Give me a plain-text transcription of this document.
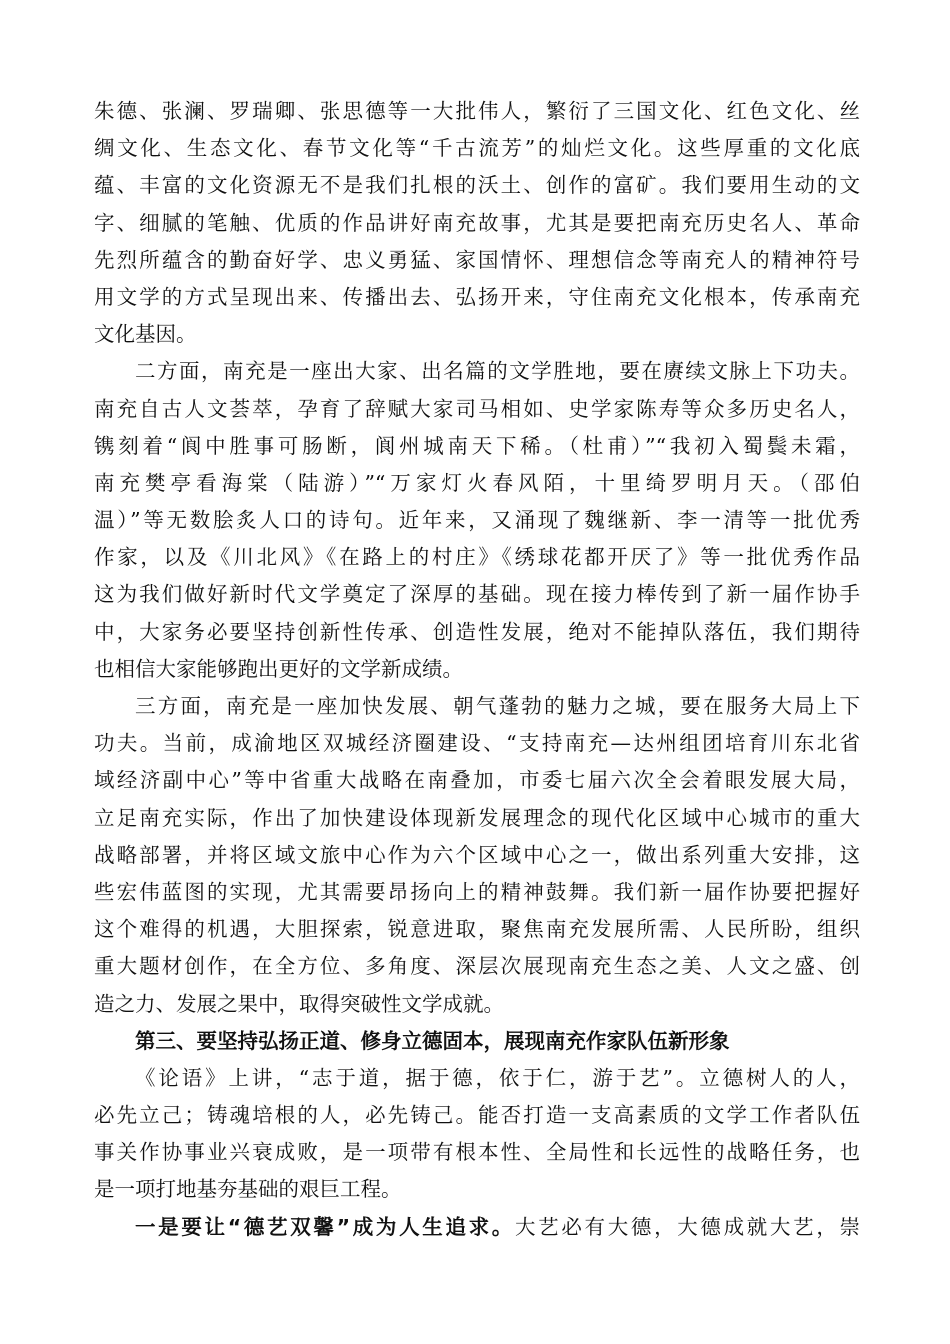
朱德、张澜、罗瑞卿、张思德等一大批伟人，繁衍了三国文化、红色文化、丝
绸文化、生态文化、春节文化等“千古流芳”的灿烂文化。这些厚重的文化底
蕴、丰富的文化资源无不是我们扎根的沃土、创作的富矿。我们要用生动的文
字、细腻的笔触、优质的作品讲好南充故事，尤其是要把南充历史名人、革命
先烈所蕴含的勤奋好学、忠义勇猛、家国情怀、理想信念等南充人的精神符号
用文学的方式呈现出来、传播出去、弘扬开来，守住南充文化根本，传承南充
文化基因。
二方面，南充是一座出大家、出名篇的文学胜地，要在赓续文脉上下功夫。
南充自古人文荟萃，孕育了辞赋大家司马相如、史学家陈寿等众多历史名人，
镌刻着“阆中胜事可肠断，阆州城南天下稀。（杜甫）”“我初入蜀鬓未霜，
南充樊亭看海棠（陆游）”“万家灯火春风陌，十里绮罗明月天。（邵伯
温）”等无数脍炙人口的诗句。近年来，又涌现了魏继新、李一清等一批优秀
作家，以及《川北风》《在路上的村庄》《绣球花都开厌了》等一批优秀作品
这为我们做好新时代文学奠定了深厚的基础。现在接力棒传到了新一届作协手
中，大家务必要坚持创新性传承、创造性发展，绝对不能掉队落伍，我们期待
也相信大家能够跑出更好的文学新成绩。
三方面，南充是一座加快发展、朝气蓬勃的魅力之城，要在服务大局上下
功夫。当前，成渝地区双城经济圈建设、“支持南充—达州组团培育川东北省
域经济副中心”等中省重大战略在南叠加，市委七届六次全会着眼发展大局，
立足南充实际，作出了加快建设体现新发展理念的现代化区域中心城市的重大
战略部署，并将区域文旅中心作为六个区域中心之一，做出系列重大安排，这
些宏伟蓝图的实现，尤其需要昂扬向上的精神鼓舞。我们新一届作协要把握好
这个难得的机遇，大胆探索，锐意进取，聚焦南充发展所需、人民所盼，组织
重大题材创作，在全方位、多角度、深层次展现南充生态之美、人文之盛、创
造之力、发展之果中，取得突破性文学成就。
第三、要坚持弘扬正道、修身立德固本，展现南充作家队伍新形象
《论语》上讲，“志于道，据于德，依于仁，游于艺”。立德树人的人，
必先立己；铸魂培根的人，必先铸己。能否打造一支高素质的文学工作者队伍
事关作协事业兴衰成败，是一项带有根本性、全局性和长远性的战略任务，也
是一项打地基夯基础的艰巨工程。
一是要让“德艺双馨”成为人生追求。大艺必有大德，大德成就大艺，崇
